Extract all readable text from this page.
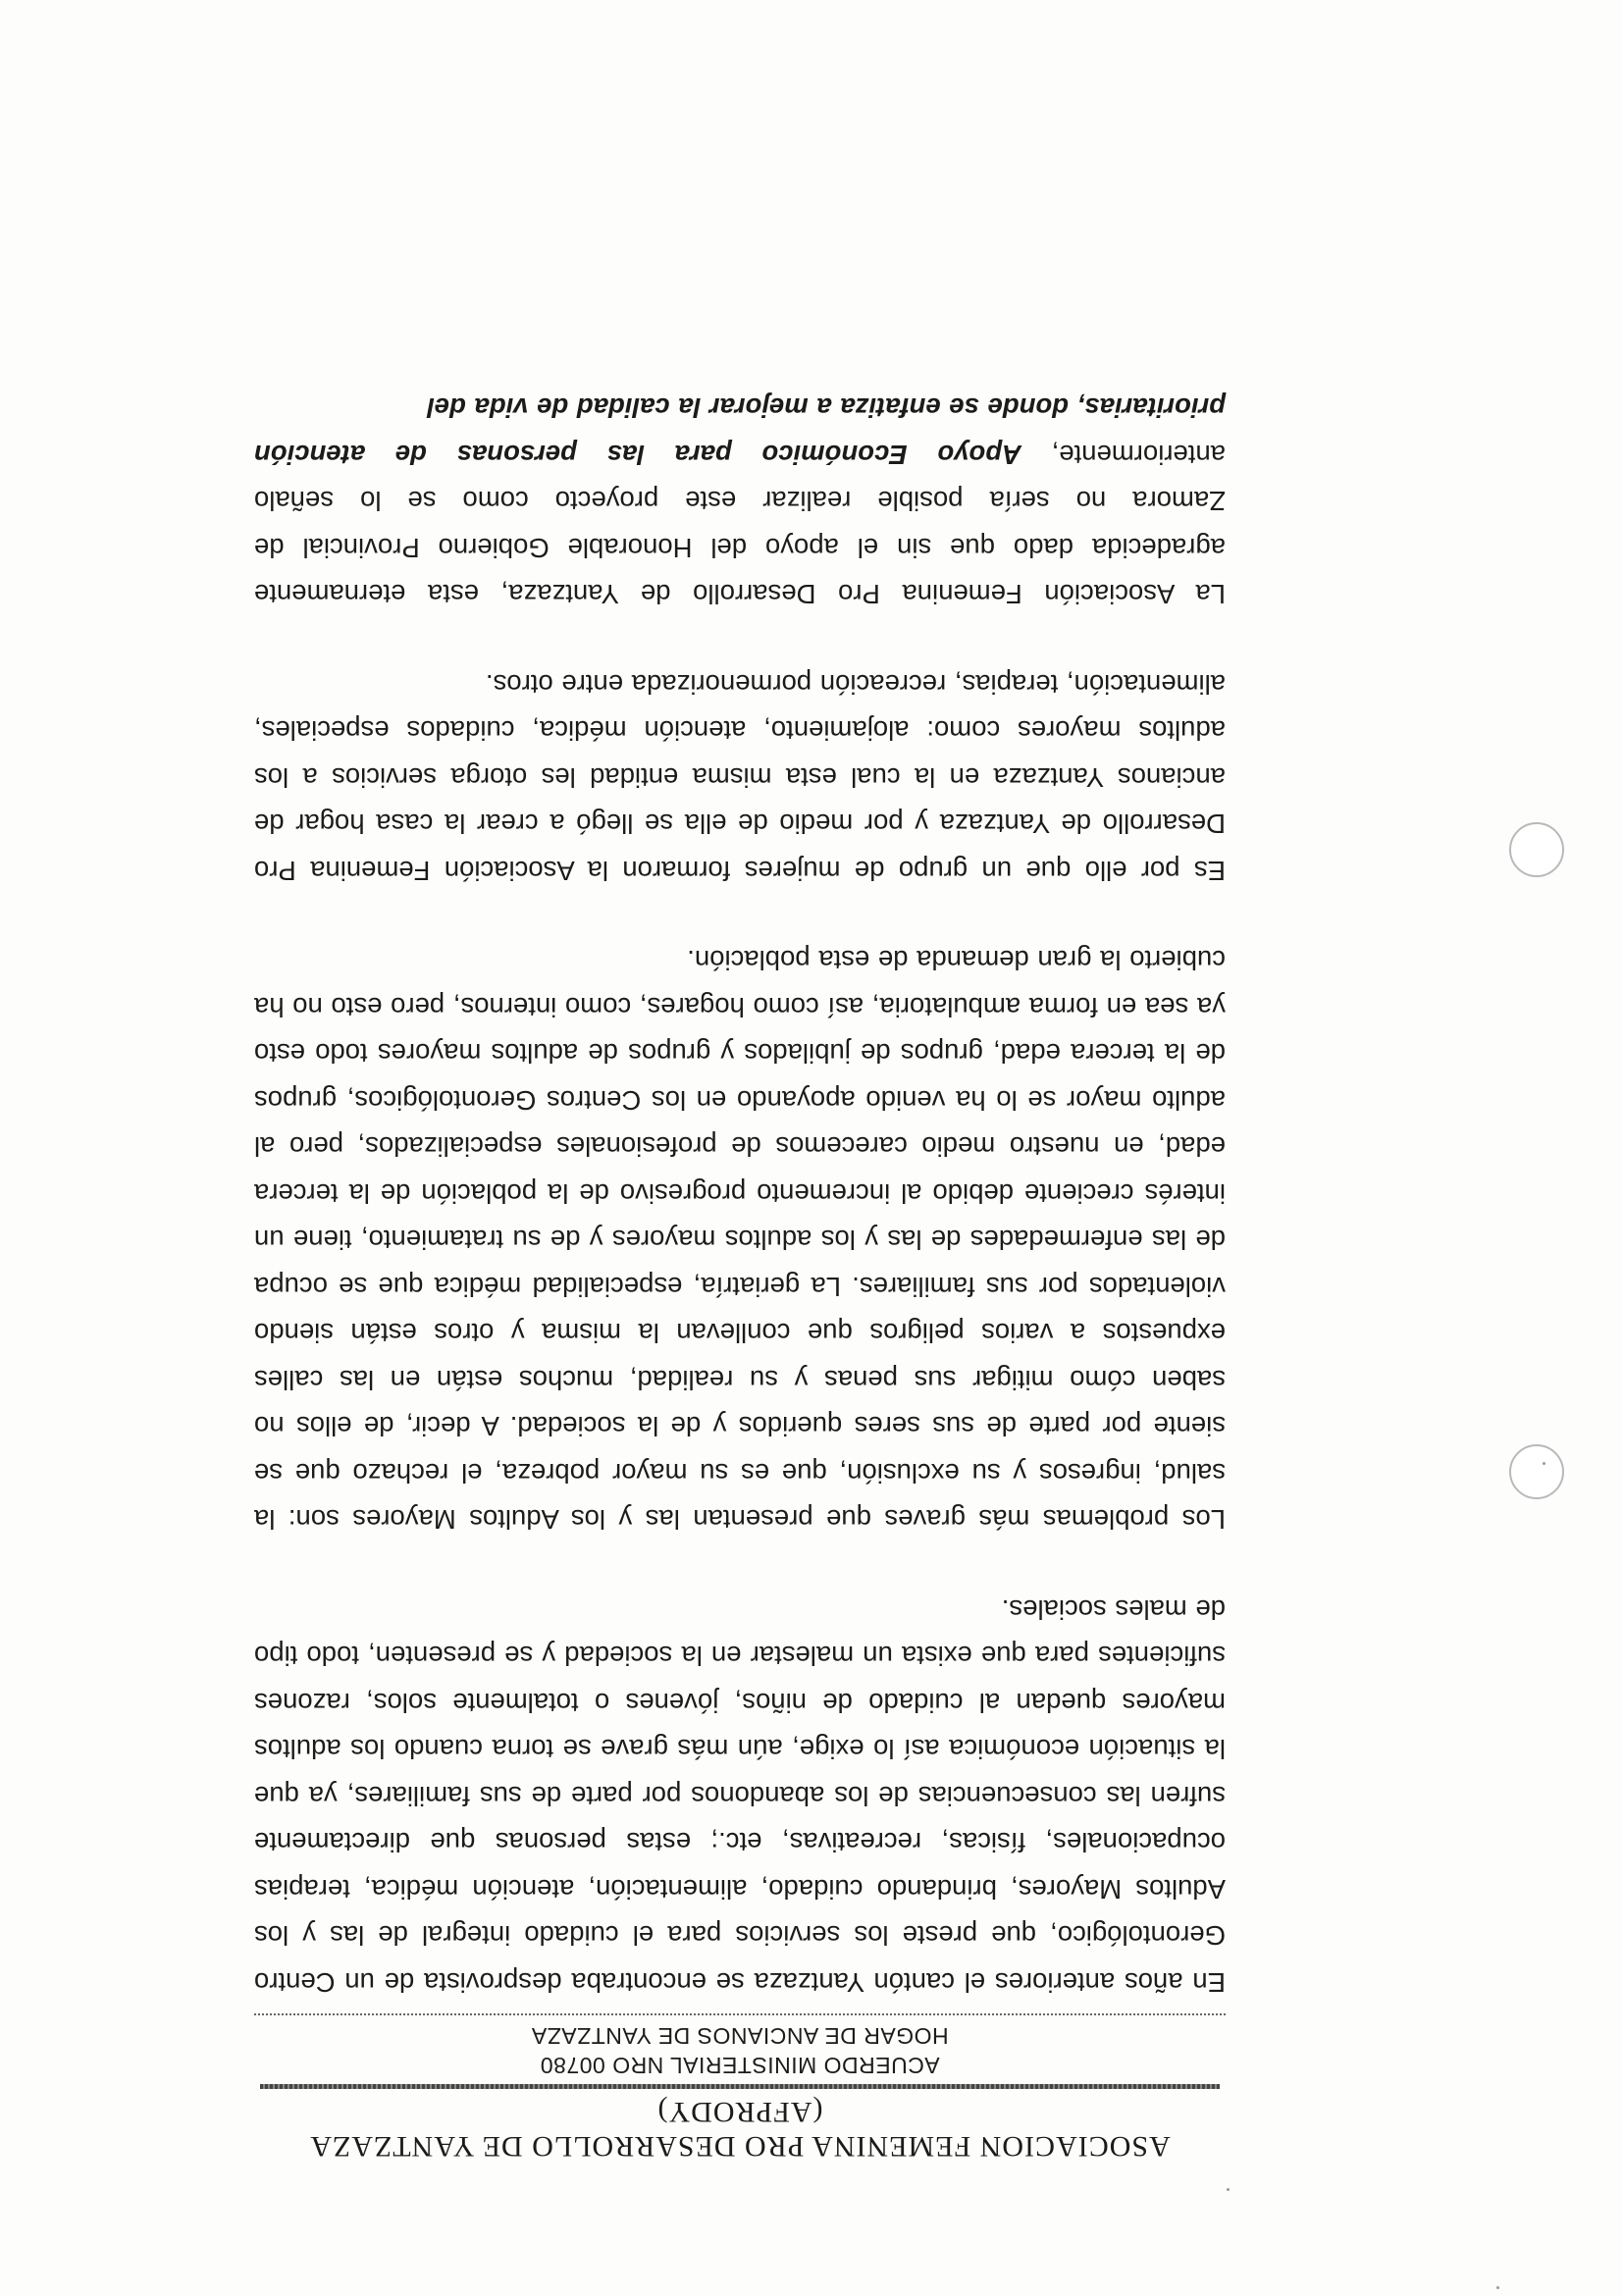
ASOCIACION FEMENINA PRO DESARROLLO DE YANTZAZA
(AFPRODY)
ACUERDO MINISTERIAL NRO 00780
HOGAR DE ANCIANOS DE YANTZAZA

En años anteriores el cantón Yantzaza se encontraba desprovista de un Centro Gerontológico, que preste los servicios para el cuidado integral de las y los Adultos Mayores, brindando cuidado, alimentación, atención médica, terapias ocupacionales, físicas, recreativas, etc.; estas personas que directamente sufren las consecuencias de los abandonos por parte de sus familiares, ya que la situación económica así lo exige, aún más grave se torna cuando los adultos mayores quedan al cuidado de niños, jóvenes o totalmente solos, razones suficientes para que exista un malestar en la sociedad y se presenten, todo tipo de males sociales.

Los problemas más graves que presentan las y los Adultos Mayores son: la salud, ingresos y su exclusión, que es su mayor pobreza, el rechazo que se siente por parte de sus seres queridos y de la sociedad. A decir, de ellos no saben cómo mitigar sus penas y su realidad, muchos están en las calles expuestos a varios peligros que conllevan la misma y otros están siendo violentados por sus familiares. La geriatría, especialidad médica que se ocupa de las enfermedades de las y los adultos mayores y de su tratamiento, tiene un interés creciente debido al incremento progresivo de la población de la tercera edad, en nuestro medio carecemos de profesionales especializados, pero al adulto mayor se lo ha venido apoyando en los Centros Gerontológicos, grupos de la tercera edad, grupos de jubilados y grupos de adultos mayores todo esto ya sea en forma ambulatoria, así como hogares, como internos, pero esto no ha cubierto la gran demanda de esta población.

Es por ello que un grupo de mujeres formaron la Asociación Femenina Pro Desarrollo de Yantzaza y por medio de ella se llegó a crear la casa hogar de ancianos Yantzaza en la cual esta misma entidad les otorga servicios a los adultos mayores como: alojamiento, atención médica, cuidados especiales, alimentación, terapias, recreación pormenorizada entre otros.

La Asociación Femenina Pro Desarrollo de Yantzaza, esta eternamente agradecida dado que sin el apoyo del Honorable Gobierno Provincial de Zamora no sería posible realizar este proyecto como se lo señalo anteriormente, Apoyo Económico para las personas de atención prioritarias, donde se enfatiza a mejorar la calidad de vida del
